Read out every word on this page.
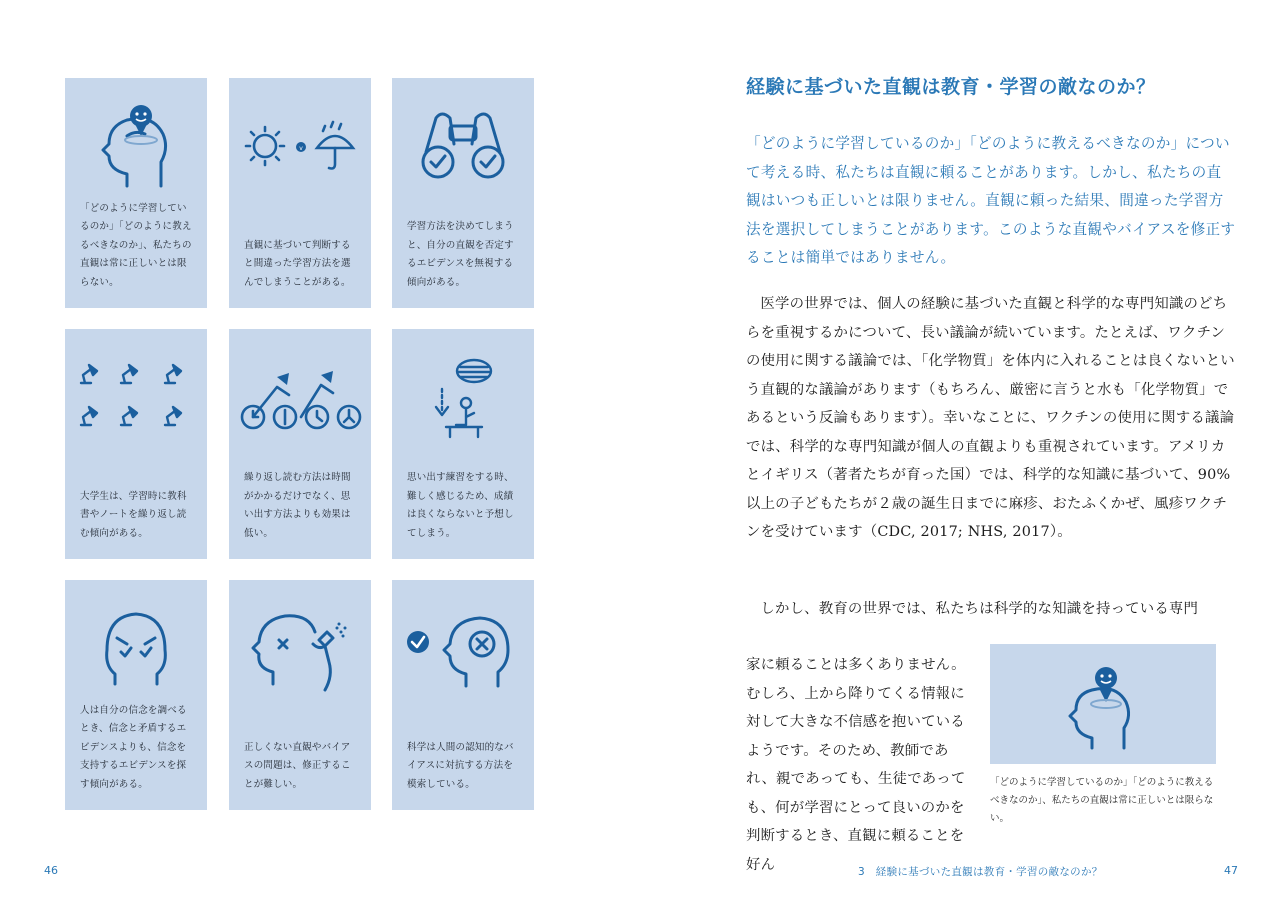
「どのように学習しているのか」「どのように教えるべきなのか」、私たちの直観は常に正しいとは限らない。
v
直観に基づいて判断すると間違った学習方法を選んでしまうことがある。
学習方法を決めてしまうと、自分の直観を否定するエビデンスを無視する傾向がある。
大学生は、学習時に教科書やノートを繰り返し読む傾向がある。
繰り返し読む方法は時間がかかるだけでなく、思い出す方法よりも効果は低い。
思い出す練習をする時、難しく感じるため、成績は良くならないと予想してしまう。
人は自分の信念を調べるとき、信念と矛盾するエビデンスよりも、信念を支持するエビデンスを探す傾向がある。
正しくない直観やバイアスの問題は、修正することが難しい。
科学は人間の認知的なバイアスに対抗する方法を模索している。
46
経験に基づいた直観は教育・学習の敵なのか？

「どのように学習しているのか」「どのように教えるべきなのか」について考える時、私たちは直観に頼ることがあります。しかし、私たちの直観はいつも正しいとは限りません。直観に頼った結果、間違った学習方法を選択してしまうことがあります。このような直観やバイアスを修正することは簡単ではありません。

医学の世界では、個人の経験に基づいた直観と科学的な専門知識のどちらを重視するかについて、長い議論が続いています。たとえば、ワクチンの使用に関する議論では、「化学物質」を体内に入れることは良くないという直観的な議論があります（もちろん、厳密に言うと水も「化学物質」であるという反論もあります）。幸いなことに、ワクチンの使用に関する議論では、科学的な専門知識が個人の直観よりも重視されています。アメリカとイギリス（著者たちが育った国）では、科学的な知識に基づいて、90%以上の子どもたちが２歳の誕生日までに麻疹、おたふくかぜ、風疹ワクチンを受けています（CDC, 2017; NHS, 2017）。

しかし、教育の世界では、私たちは科学的な知識を持っている専門

家に頼ることは多くありません。むしろ、上から降りてくる情報に対して大きな不信感を抱いているようです。そのため、教師であれ、親であっても、生徒であっても、何が学習にとって良いのかを判断するとき、直観に頼ることを好ん

「どのように学習しているのか」「どのように教えるべきなのか」、私たちの直観は常に正しいとは限らない。
3　経験に基づいた直観は教育・学習の敵なのか？	47
